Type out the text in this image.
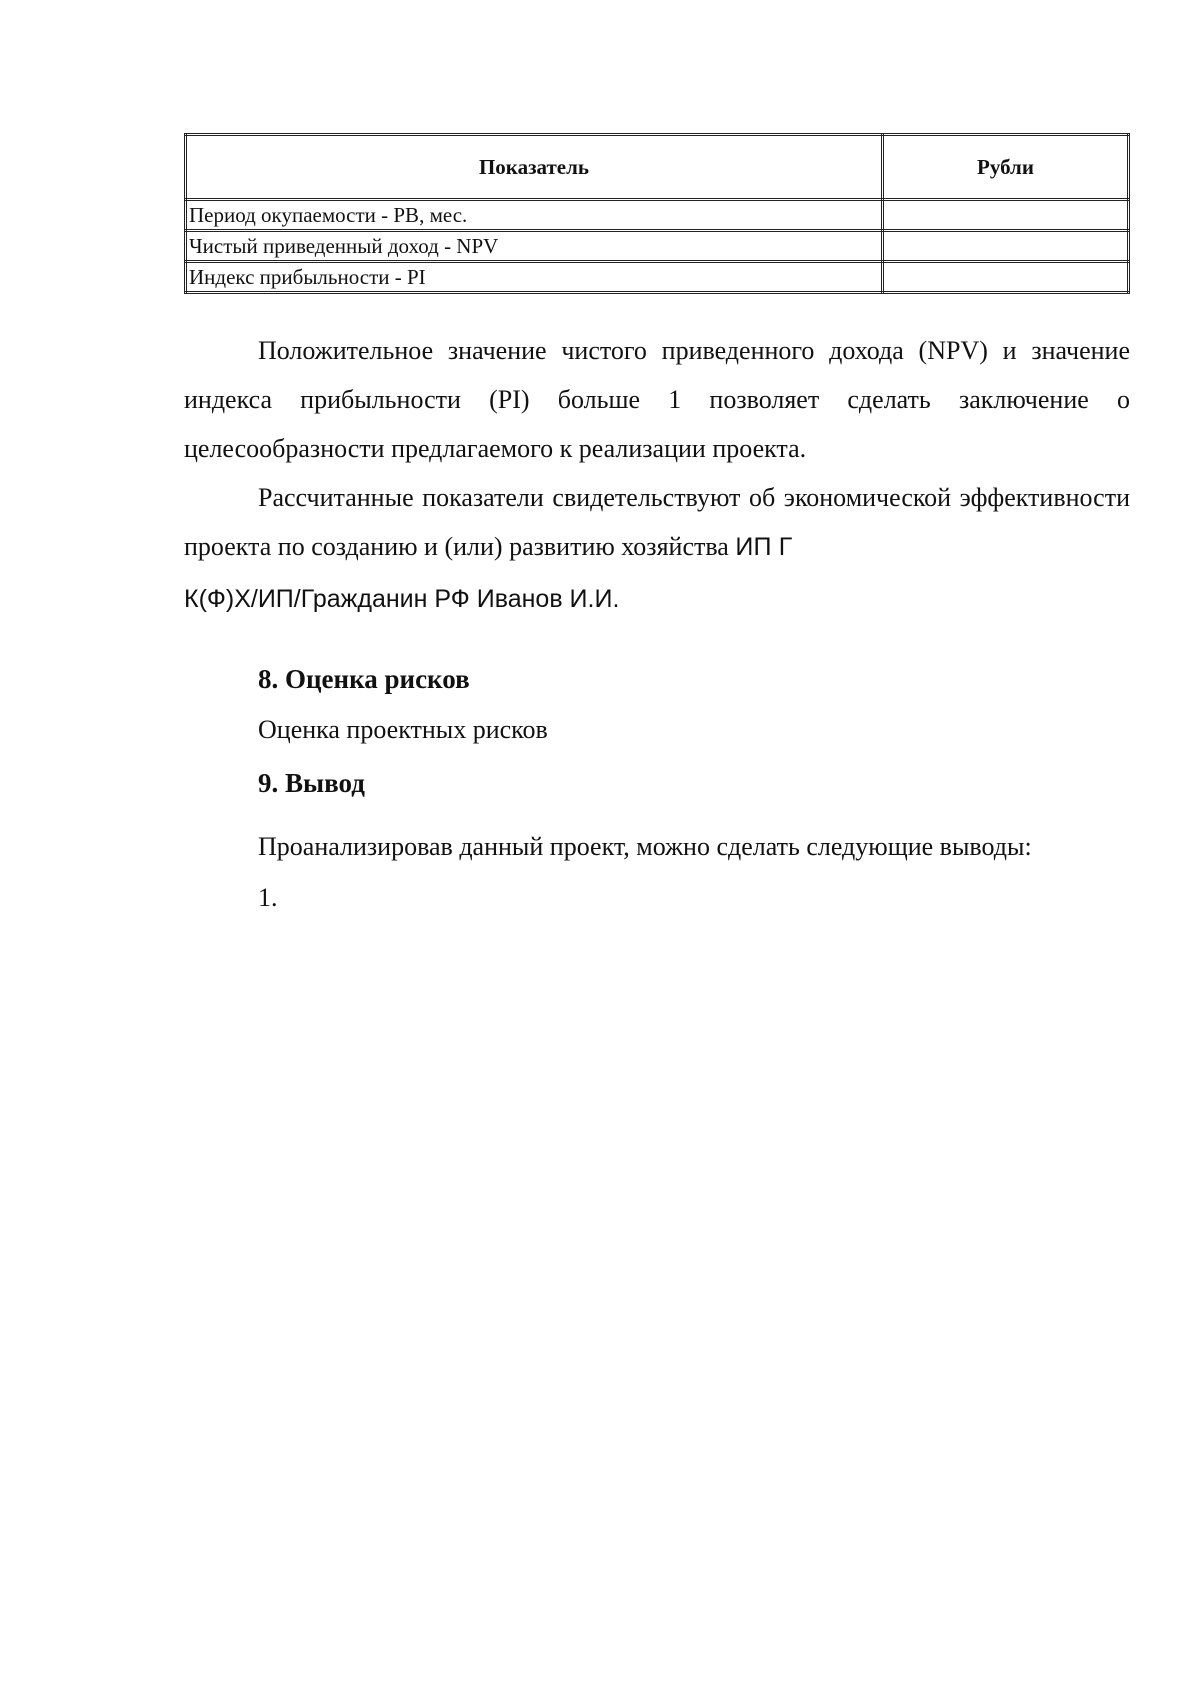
Показатель	Рубли
Период окупаемости - PB, мес.	
Чистый приведенный доход - NPV	
Индекс прибыльности - PI	

Положительное значение чистого приведенного дохода (NPV) и значение индекса прибыльности (PI) больше 1 позволяет сделать заключение о целесообразности предлагаемого к реализации проекта.

Рассчитанные показатели свидетельствуют об экономической эффективности проекта по созданию и (или) развитию хозяйства ИП Г

К(Ф)Х/ИП/Гражданин РФ Иванов И.И.

8. Оценка рисков

Оценка проектных рисков

9. Вывод

Проанализировав данный проект, можно сделать следующие выводы:

1.
